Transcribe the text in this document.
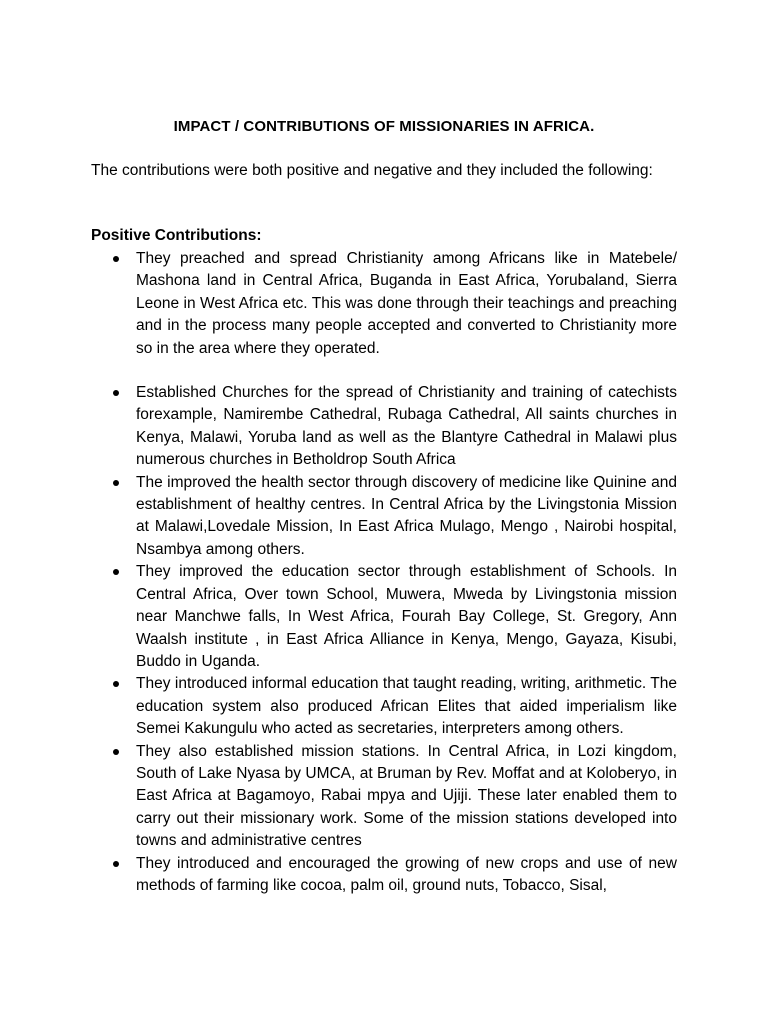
IMPACT / CONTRIBUTIONS OF MISSIONARIES IN AFRICA.
The contributions were both positive and negative and they included the following:
Positive Contributions:
They preached and spread Christianity among Africans like in Matebele/ Mashona land in Central Africa, Buganda in East Africa, Yorubaland, Sierra Leone in West Africa etc. This was done through their teachings and preaching and in the process many people accepted and converted to Christianity more so in the area where they operated.
Established Churches for the spread of Christianity and training of catechists forexample, Namirembe Cathedral, Rubaga Cathedral, All saints churches in Kenya, Malawi, Yoruba land as well as the Blantyre Cathedral in Malawi plus numerous churches in Betholdrop South Africa
The improved the health sector through discovery of medicine like Quinine and establishment of healthy centres. In Central Africa by the Livingstonia Mission at Malawi,Lovedale Mission, In East Africa Mulago, Mengo , Nairobi hospital, Nsambya among others.
They improved the education sector through establishment of Schools. In Central Africa, Over town School, Muwera, Mweda by Livingstonia mission near Manchwe falls, In West Africa, Fourah Bay College, St. Gregory, Ann Waalsh institute , in East Africa Alliance in Kenya, Mengo, Gayaza, Kisubi, Buddo in Uganda.
They introduced informal education that taught reading, writing, arithmetic. The education system also produced African Elites that aided imperialism like Semei Kakungulu who acted as secretaries, interpreters among others.
They also established mission stations. In Central Africa, in Lozi kingdom, South of Lake Nyasa by UMCA, at Bruman by Rev. Moffat and at Koloberyo, in East Africa at Bagamoyo, Rabai mpya and Ujiji. These later enabled them to carry out their missionary work. Some of the mission stations developed into towns and administrative centres
They introduced and encouraged the growing of new crops and use of new methods of farming like cocoa, palm oil, ground nuts, Tobacco, Sisal,
